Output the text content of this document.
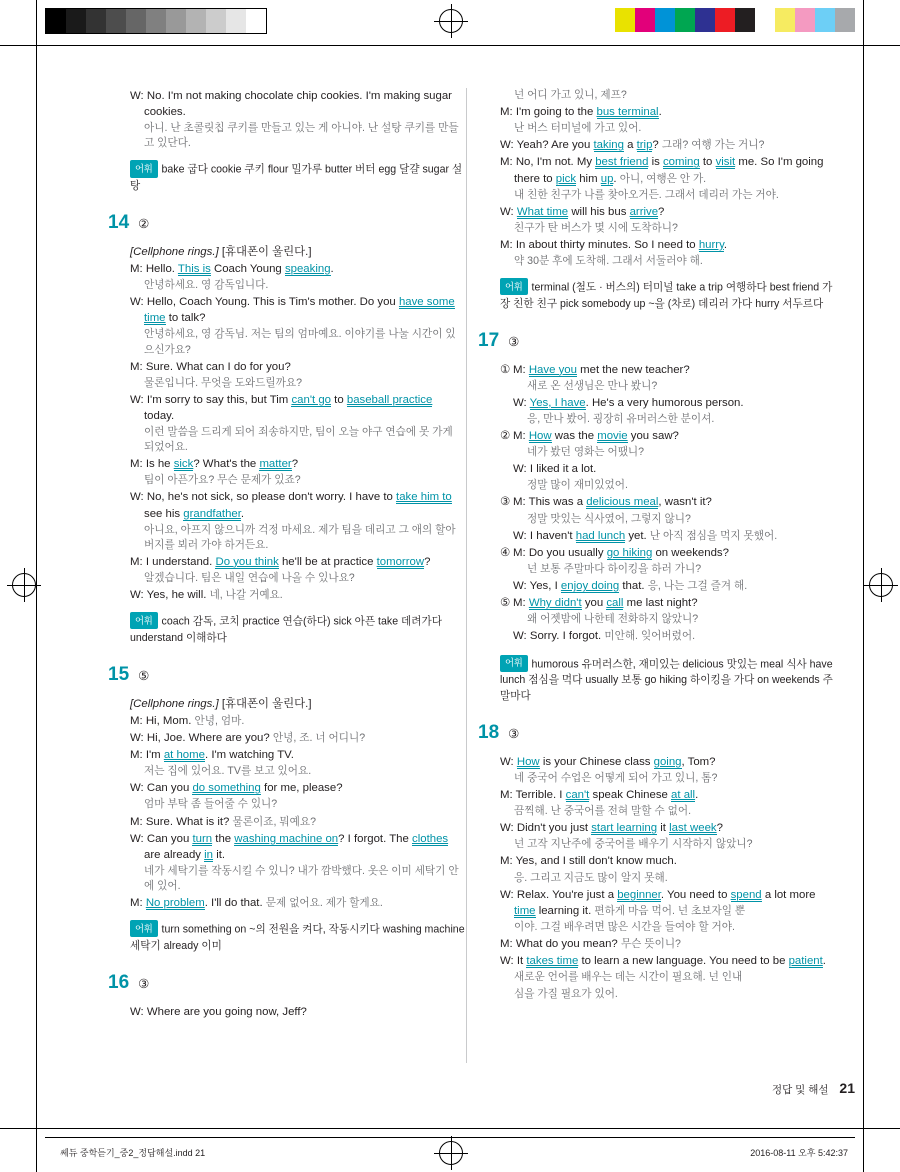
W: No. I'm not making chocolate chip cookies. I'm making sugar cookies.
아니. 난 초콜릿칩 쿠키를 만들고 있는 게 아니야. 난 설탕 쿠키를 만들고 있단다.
어휘 bake 굽다 cookie 쿠키 flour 밀가루 butter 버터 egg 달걀 sugar 설탕
14 ②
[Cellphone rings.] [휴대폰이 울린다.]
M: Hello. This is Coach Young speaking.
안녕하세요. 영 감독입니다.
W: Hello, Coach Young. This is Tim's mother. Do you have some time to talk?
안녕하세요, 영 감독님. 저는 팀의 엄마예요. 이야기를 나눌 시간이 있으신가요?
M: Sure. What can I do for you?
물론입니다. 무엇을 도와드릴까요?
W: I'm sorry to say this, but Tim can't go to baseball practice today.
이런 말씀을 드리게 되어 죄송하지만, 팀이 오늘 야구 연습에 못 가게 되었어요.
M: Is he sick? What's the matter?
팀이 아픈가요? 무슨 문제가 있죠?
W: No, he's not sick, so please don't worry. I have to take him to see his grandfather.
아니요, 아프지 않으니까 걱정 마세요. 제가 팀을 데리고 그 애의 할아버지를 뵈러 가야 하거든요.
M: I understand. Do you think he'll be at practice tomorrow?
알겠습니다. 팀은 내일 연습에 나올 수 있나요?
W: Yes, he will. 네, 나갈 거예요.
어휘 coach 감독, 코치 practice 연습(하다) sick 아픈 take 데려가다 understand 이해하다
15 ⑤
[Cellphone rings.] [휴대폰이 울린다.]
M: Hi, Mom. 안녕, 엄마.
W: Hi, Joe. Where are you? 안녕, 조. 너 어디니?
M: I'm at home. I'm watching TV.
저는 집에 있어요. TV를 보고 있어요.
W: Can you do something for me, please?
엄마 부탁 좀 들어줄 수 있니?
M: Sure. What is it? 물론이죠, 뭐예요?
W: Can you turn the washing machine on? I forgot. The clothes are already in it.
네가 세탁기를 작동시킬 수 있니? 내가 깜박했다. 옷은 이미 세탁기 안에 있어.
M: No problem. I'll do that. 문제 없어요. 제가 할게요.
어휘 turn something on ~의 전원을 켜다, 작동시키다 washing machine 세탁기 already 이미
16 ③
W: Where are you going now, Jeff?
넌 어디 가고 있니, 제프?
M: I'm going to the bus terminal.
난 버스 터미널에 가고 있어.
W: Yeah? Are you taking a trip? 그래? 여행 가는 거니?
M: No, I'm not. My best friend is coming to visit me. So I'm going there to pick him up. 아니, 여행은 안 가.
내 친한 친구가 나를 찾아오거든. 그래서 데리러 가는 거야.
W: What time will his bus arrive?
친구가 탄 버스가 몇 시에 도착하니?
M: In about thirty minutes. So I need to hurry.
약 30분 후에 도착해. 그래서 서둘러야 해.
어휘 terminal (철도 · 버스의) 터미널 take a trip 여행하다 best friend 가장 친한 친구 pick somebody up ~을 (차로) 데리러 가다 hurry 서두르다
17 ③
① M: Have you met the new teacher?
새로 온 선생님은 만나 봤니?
W: Yes, I have. He's a very humorous person.
응, 만나 봤어. 굉장히 유머러스한 분이셔.
② M: How was the movie you saw?
네가 봤던 영화는 어땠니?
W: I liked it a lot.
정말 많이 재미있었어.
③ M: This was a delicious meal, wasn't it?
정말 맛있는 식사였어, 그렇지 않니?
W: I haven't had lunch yet. 난 아직 점심을 먹지 못했어.
④ M: Do you usually go hiking on weekends?
넌 보통 주말마다 하이킹을 하러 가니?
W: Yes, I enjoy doing that. 응, 나는 그걸 즐겨 해.
⑤ M: Why didn't you call me last night?
왜 어젯밤에 나한테 전화하지 않았니?
W: Sorry. I forgot. 미안해. 잊어버렸어.
어휘 humorous 유머러스한, 재미있는 delicious 맛있는 meal 식사 have lunch 점심을 먹다 usually 보통 go hiking 하이킹을 가다 on weekends 주말마다
18 ③
W: How is your Chinese class going, Tom?
네 중국어 수업은 어떻게 되어 가고 있니, 톰?
M: Terrible. I can't speak Chinese at all.
끔찍해. 난 중국어를 전혀 말할 수 없어.
W: Didn't you just start learning it last week?
넌 고작 지난주에 중국어를 배우기 시작하지 않았니?
M: Yes, and I still don't know much.
응. 그리고 지금도 많이 알지 못해.
W: Relax. You're just a beginner. You need to spend a lot more time learning it. 편하게 마음 먹어. 넌 초보자일 뿐
이야. 그걸 배우려면 많은 시간을 들여야 할 거야.
M: What do you mean? 무슨 뜻이니?
W: It takes time to learn a new language. You need to be patient. 새로운 언어를 배우는 데는 시간이 필요해. 넌 인내
심을 가질 필요가 있어.
정답 및 해설 21
쎄듀 중학듣기_중2_정답해설.indd 21	2016-08-11 오후 5:42:37
